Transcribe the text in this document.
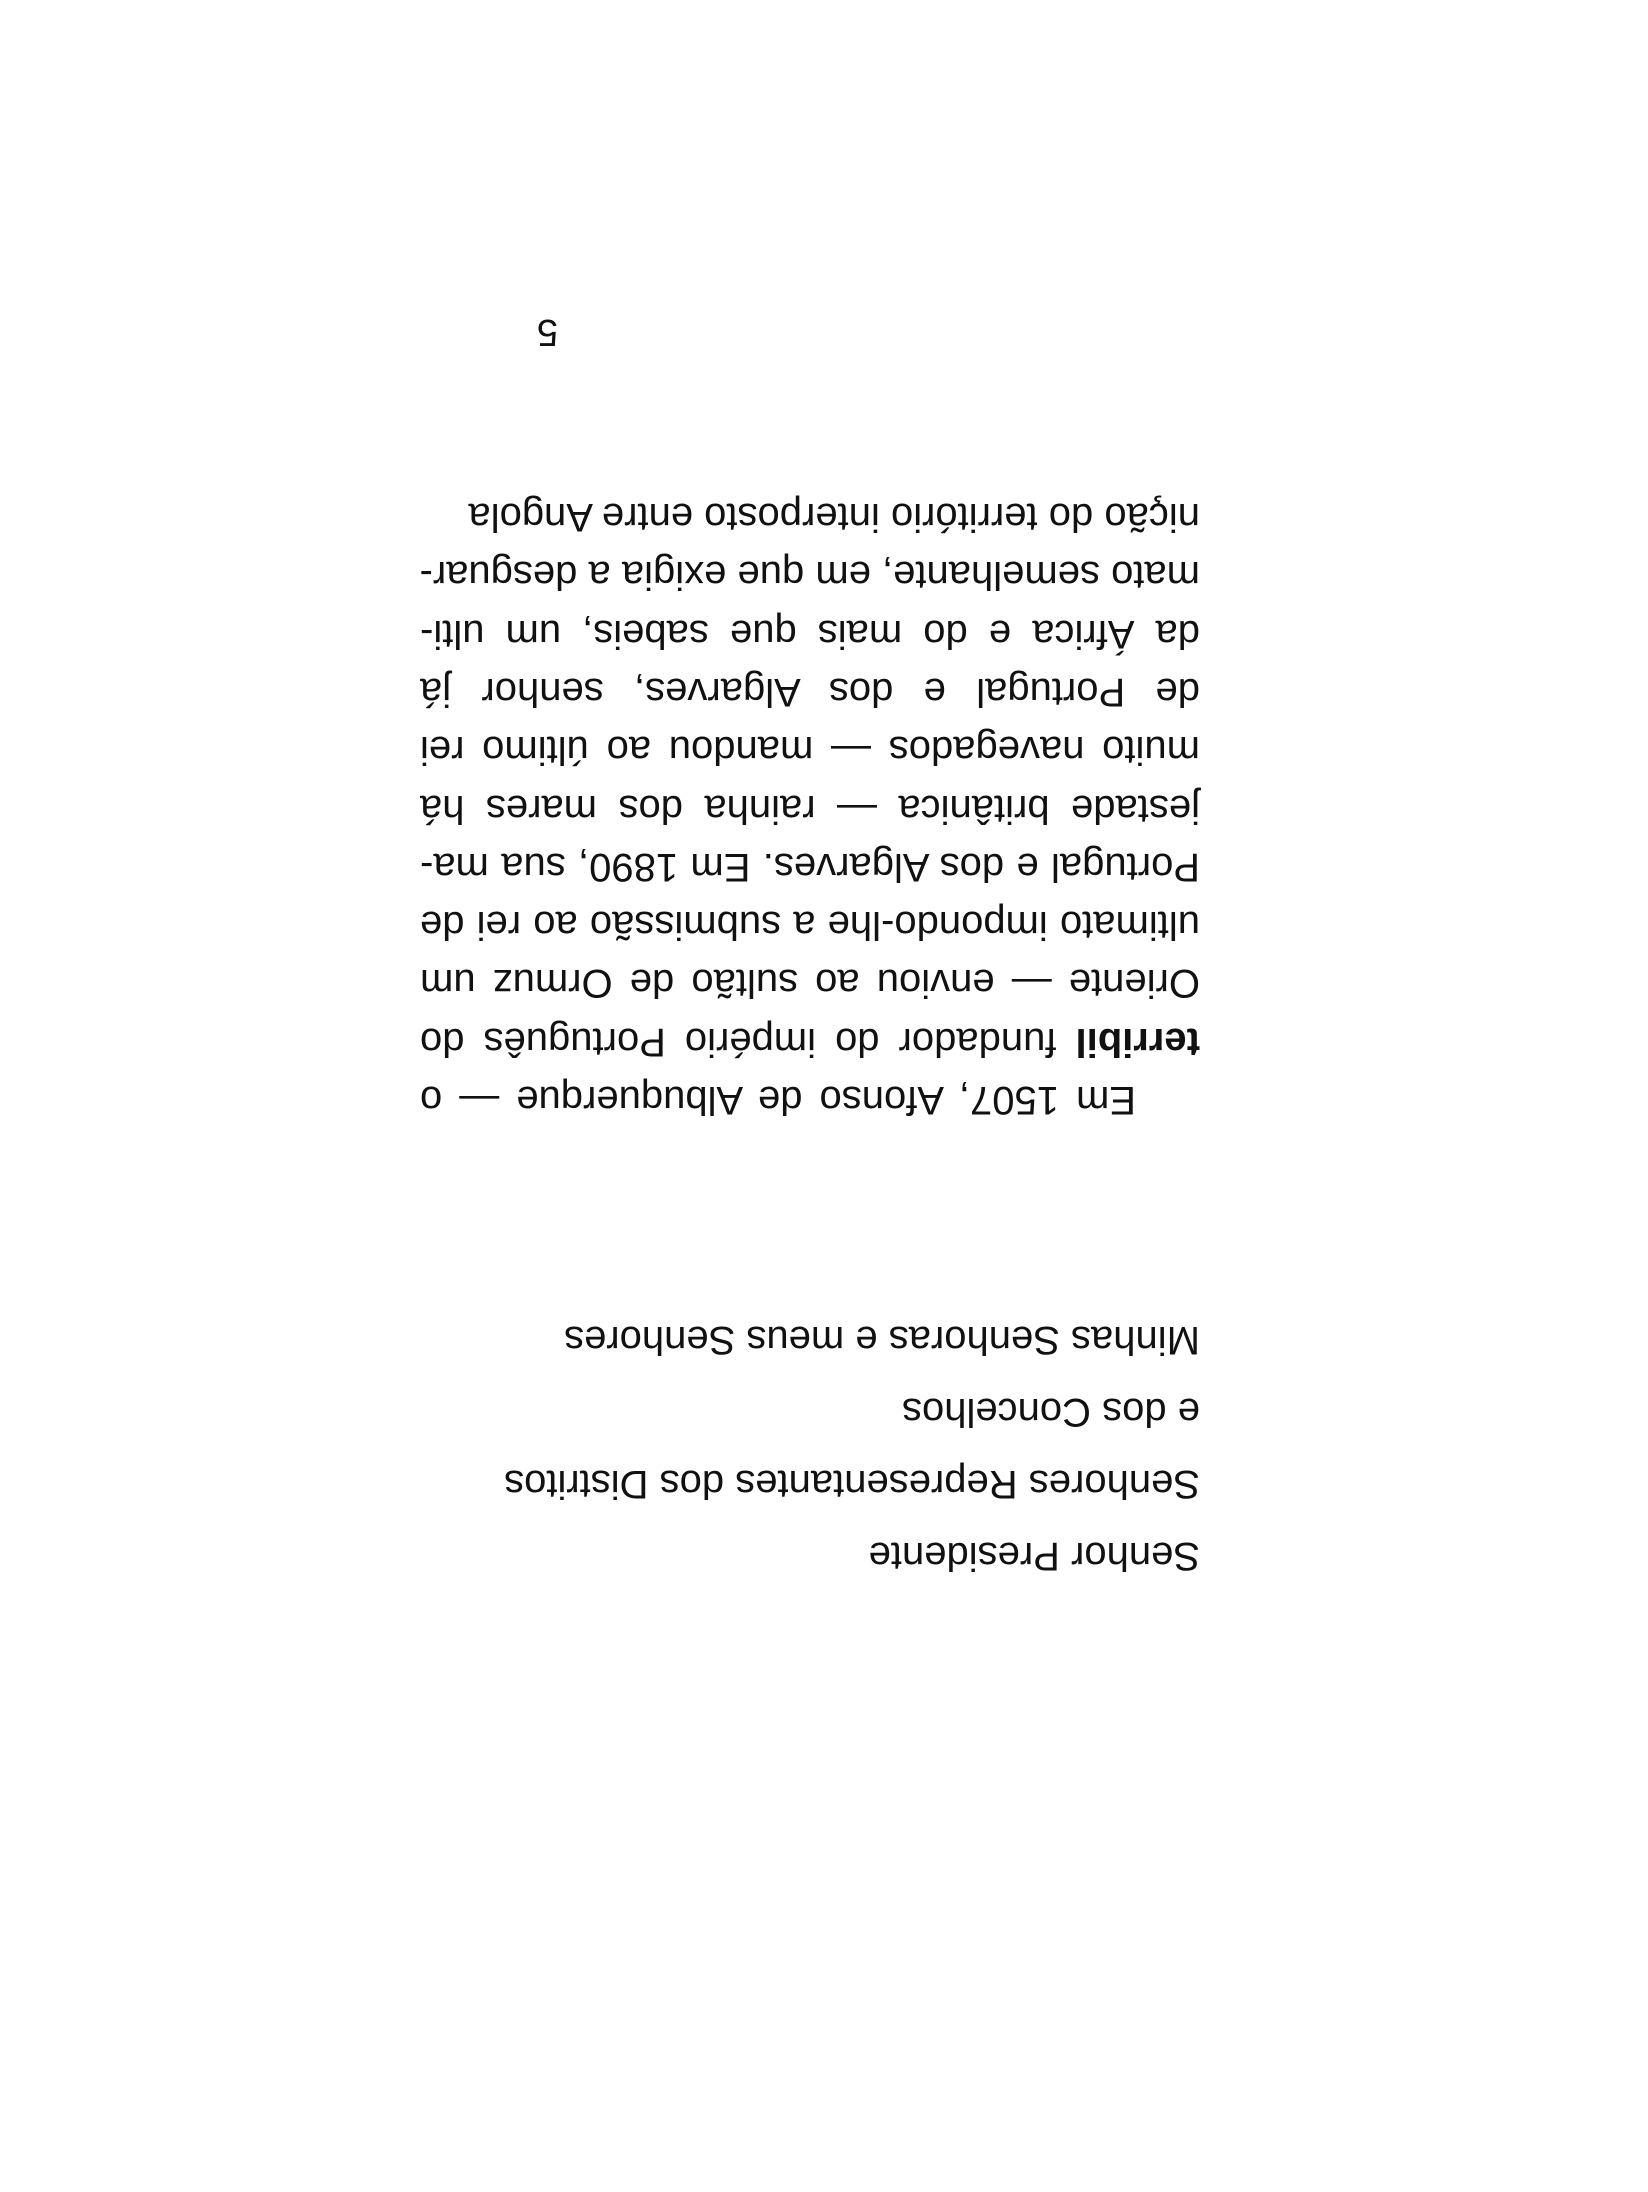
Senhor Presidente

Senhores Representantes dos Distritos

e dos Concelhos

Minhas Senhoras e meus Senhores

Em 1507, Afonso de Albuquerque — o
terribil fundador do império Português do
Oriente — enviou ao sultão de Ormuz um
ultimato impondo-lhe a submissão ao rei de
Portugal e dos Algarves. Em 1890, sua ma-
jestade britânica — rainha dos mares há
muito navegados — mandou ao último rei
de Portugal e dos Algarves, senhor já
da África e do mais que sabeis, um ulti-
mato semelhante, em que exigia a desguar-
nição do território interposto entre Angola
5
